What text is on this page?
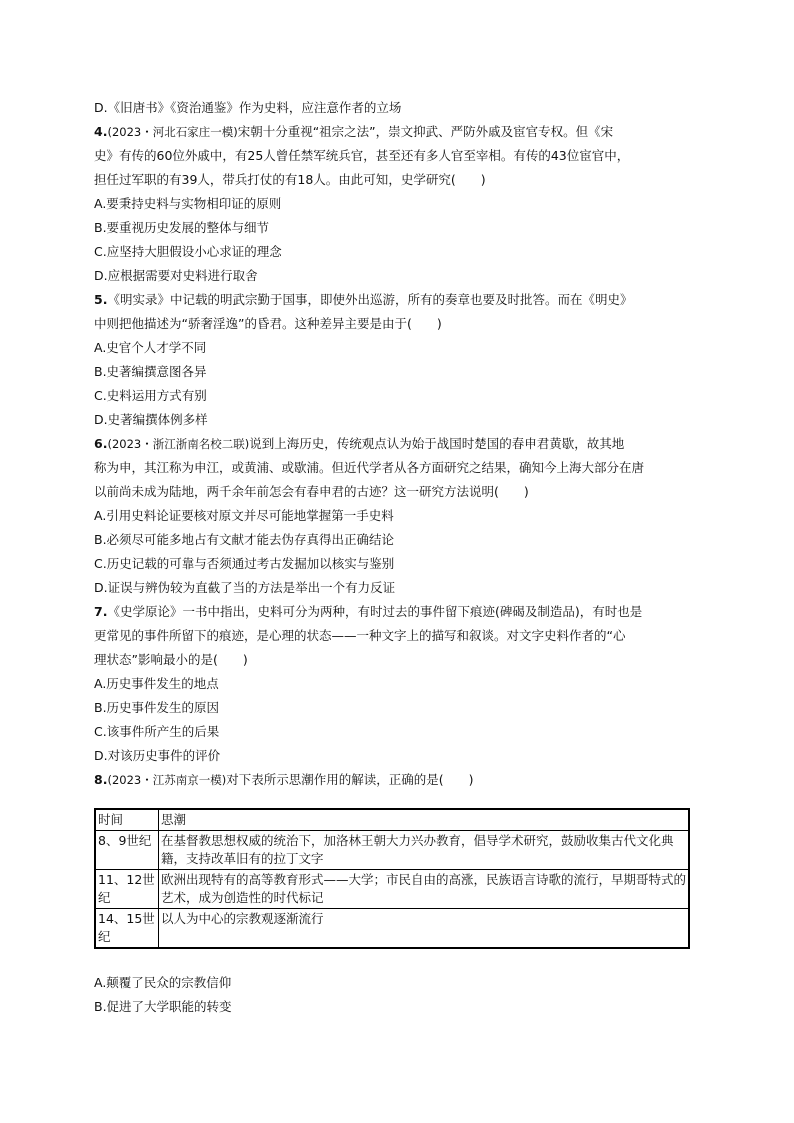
D.《旧唐书》《资治通鉴》作为史料，应注意作者的立场
4.(2023・河北石家庄一模)宋朝十分重视“祖宗之法”，崇文抑武、严防外戚及宦官专权。但《宋
史》有传的60位外戚中，有25人曾任禁军统兵官，甚至还有多人官至宰相。有传的43位宦官中，
担任过军职的有39人，带兵打仗的有18人。由此可知，史学研究(　　)
A.要秉持史料与实物相印证的原则
B.要重视历史发展的整体与细节
C.应坚持大胆假设小心求证的理念
D.应根据需要对史料进行取舍
5.《明实录》中记载的明武宗勤于国事，即使外出巡游，所有的奏章也要及时批答。而在《明史》
中则把他描述为“骄奢淫逸”的昏君。这种差异主要是由于(　　)
A.史官个人才学不同
B.史著编撰意图各异
C.史料运用方式有别
D.史著编撰体例多样
6.(2023・浙江浙南名校二联)说到上海历史，传统观点认为始于战国时楚国的春申君黄歇，故其地
称为申，其江称为申江，或黄浦、或歇浦。但近代学者从各方面研究之结果，确知今上海大部分在唐
以前尚未成为陆地，两千余年前怎会有春申君的古迹？这一研究方法说明(　　)
A.引用史料论证要核对原文并尽可能地掌握第一手史料
B.必须尽可能多地占有文献才能去伪存真得出正确结论
C.历史记载的可靠与否须通过考古发掘加以核实与鉴别
D.证误与辨伪较为直截了当的方法是举出一个有力反证
7.《史学原论》一书中指出，史料可分为两种，有时过去的事件留下痕迹(碑碣及制造品)，有时也是
更常见的事件所留下的痕迹，是心理的状态——一种文字上的描写和叙谈。对文字史料作者的“心
理状态”影响最小的是(　　)
A.历史事件发生的地点
B.历史事件发生的原因
C.该事件所产生的后果
D.对该历史事件的评价
8.(2023・江苏南京一模)对下表所示思潮作用的解读，正确的是(　　)
时间	思潮
8、9世纪	在基督教思想权威的统治下，加洛林王朝大力兴办教育，倡导学术研究，鼓励收集古代文化典籍，支持改革旧有的拉丁文字
11、12世纪	欧洲出现特有的高等教育形式——大学；市民自由的高涨，民族语言诗歌的流行，早期哥特式的艺术，成为创造性的时代标记
14、15世纪	以人为中心的宗教观逐渐流行
A.颠覆了民众的宗教信仰
B.促进了大学职能的转变
